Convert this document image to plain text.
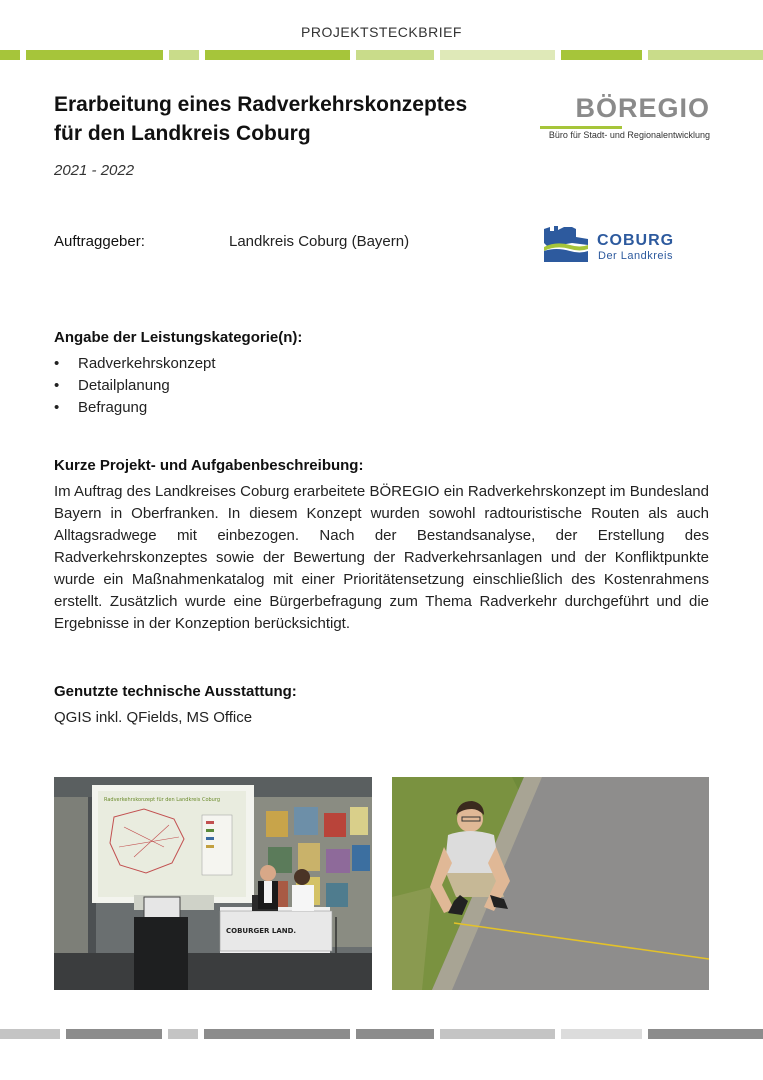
PROJEKTSTECKBRIEF
Erarbeitung eines Radverkehrskonzeptes
für den Landkreis Coburg
2021 - 2022
BÖREGIO
Büro für Stadt- und Regionalentwicklung
Auftraggeber:	Landkreis Coburg (Bayern)	COBURG
Der Landkreis
Angabe der Leistungskategorie(n):
• Radverkehrskonzept
• Detailplanung
• Befragung
Kurze Projekt- und Aufgabenbeschreibung:

Im Auftrag des Landkreises Coburg erarbeitete BÖREGIO ein Radverkehrskonzept im Bundesland Bayern in Oberfranken. In diesem Konzept wurden sowohl radtouristische Routen als auch Alltagsradwege mit einbezogen. Nach der Bestandsanalyse, der Erstellung des Radverkehrskonzeptes sowie der Bewertung der Radverkehrsanlagen und der Konfliktpunkte wurde ein Maßnahmenkatalog mit einer Prioritätensetzung einschließlich des Kostenrahmens erstellt. Zusätzlich wurde eine Bürgerbefragung zum Thema Radverkehr durchgeführt und die Ergebnisse in der Konzeption berücksichtigt.

Genutzte technische Ausstattung:
QGIS inkl. QFields, MS Office
Radverkehrskonzept für den Landkreis Coburg
COBURGER LAND.
